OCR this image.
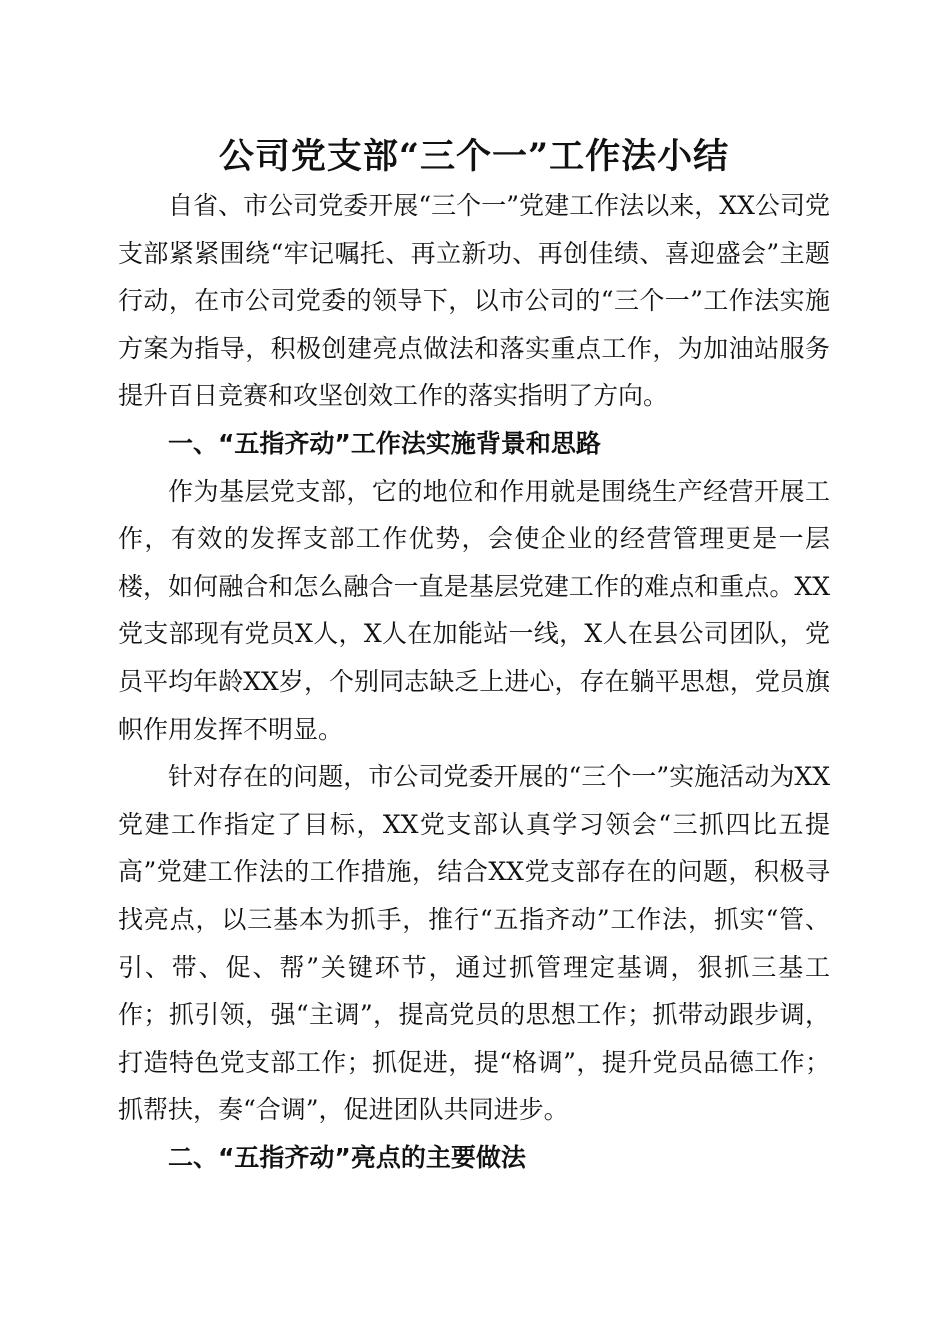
公司党支部“三个一”工作法小结

自省、市公司党委开展“三个一”党建工作法以来，XX公司党支部紧紧围绕“牢记嘱托、再立新功、再创佳绩、喜迎盛会”主题行动，在市公司党委的领导下，以市公司的“三个一”工作法实施方案为指导，积极创建亮点做法和落实重点工作，为加油站服务提升百日竞赛和攻坚创效工作的落实指明了方向。

一、“五指齐动”工作法实施背景和思路

作为基层党支部，它的地位和作用就是围绕生产经营开展工作，有效的发挥支部工作优势，会使企业的经营管理更是一层楼，如何融合和怎么融合一直是基层党建工作的难点和重点。XX党支部现有党员X人，X人在加能站一线，X人在县公司团队，党员平均年龄XX岁，个别同志缺乏上进心，存在躺平思想，党员旗帜作用发挥不明显。

针对存在的问题，市公司党委开展的“三个一”实施活动为XX党建工作指定了目标，XX党支部认真学习领会“三抓四比五提高”党建工作法的工作措施，结合XX党支部存在的问题，积极寻找亮点，以三基本为抓手，推行“五指齐动”工作法，抓实“管、引、带、促、帮”关键环节，通过抓管理定基调，狠抓三基工作；抓引领，强“主调”，提高党员的思想工作；抓带动跟步调，打造特色党支部工作；抓促进，提“格调”，提升党员品德工作；抓帮扶，奏“合调”，促进团队共同进步。

二、“五指齐动”亮点的主要做法
